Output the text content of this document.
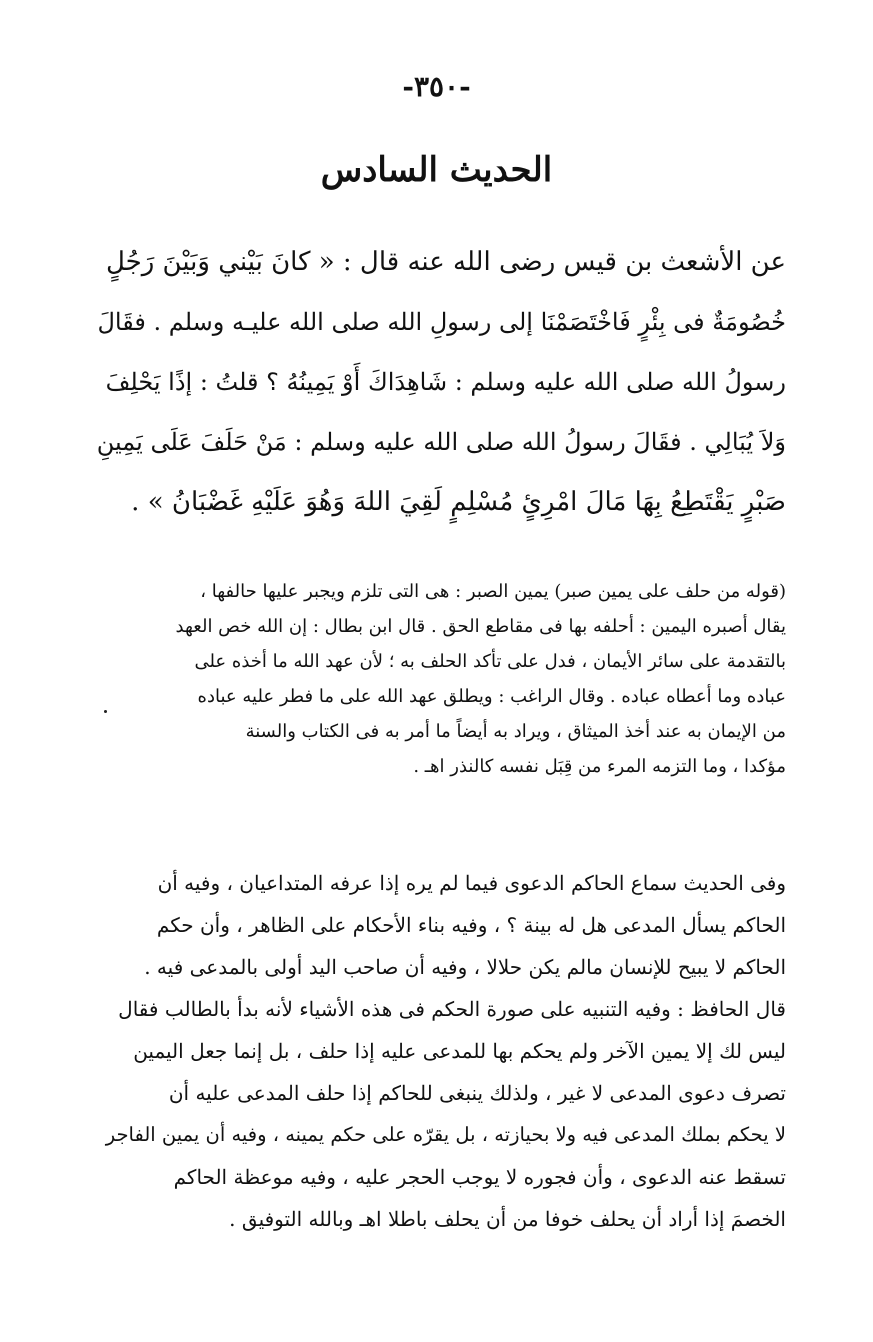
-٣٥٠-
الحديث السادس
عن الأشعث بن قيس رضى الله عنه قال : « كانَ بَيْني وَبَيْنَ رَجُلٍ
خُصُومَةٌ فى بِئْرٍ فَاخْتَصَمْنَا إلى رسولِ الله صلى الله عليـه وسلم . فقَالَ
رسولُ الله صلى الله عليه وسلم : شَاهِدَاكَ أَوْ يَمِينُهُ ؟ قلتُ : إذًا يَحْلِفَ
وَلاَ يُبَالِي . فقَالَ رسولُ الله صلى الله عليه وسلم : مَنْ حَلَفَ عَلَى يَمِينِ
صَبْرٍ يَقْتَطِعُ بِهَا مَالَ امْرِئٍ مُسْلِمٍ لَقِيَ اللهَ وَهُوَ عَلَيْهِ غَضْبَانُ » .
(قوله من حلف على يمين صبر) يمين الصبر : هى التى تلزم ويجبر عليها حالفها ،
يقال أصبره اليمين : أحلفه بها فى مقاطع الحق . قال ابن بطال : إن الله خص العهد
بالتقدمة على سائر الأيمان ، فدل على تأكد الحلف به ؛ لأن عهد الله ما أخذه على
عباده وما أعطاه عباده . وقال الراغب : ويطلق عهد الله على ما فطر عليه عباده
من الإيمان به عند أخذ الميثاق ، ويراد به أيضاً ما أمر به فى الكتاب والسنة
مؤكدا ، وما التزمه المرء من قِبَل نفسه كالنذر اهـ .
وفى الحديث سماع الحاكم الدعوى فيما لم يره إذا عرفه المتداعيان ، وفيه أن
الحاكم يسأل المدعى هل له بينة ؟ ، وفيه بناء الأحكام على الظاهر ، وأن حكم
الحاكم لا يبيح للإنسان مالم يكن حلالا ، وفيه أن صاحب اليد أولى بالمدعى فيه .
قال الحافظ : وفيه التنبيه على صورة الحكم فى هذه الأشياء لأنه بدأ بالطالب فقال
ليس لك إلا يمين الآخر ولم يحكم بها للمدعى عليه إذا حلف ، بل إنما جعل اليمين
تصرف دعوى المدعى لا غير ، ولذلك ينبغى للحاكم إذا حلف المدعى عليه أن
لا يحكم بملك المدعى فيه ولا بحيازته ، بل يقرّه على حكم يمينه ، وفيه أن يمين الفاجر
تسقط عنه الدعوى ، وأن فجوره لا يوجب الحجر عليه ، وفيه موعظة الحاكم
الخصمَ إذا أراد أن يحلف خوفا من أن يحلف باطلا اهـ وبالله التوفيق .
